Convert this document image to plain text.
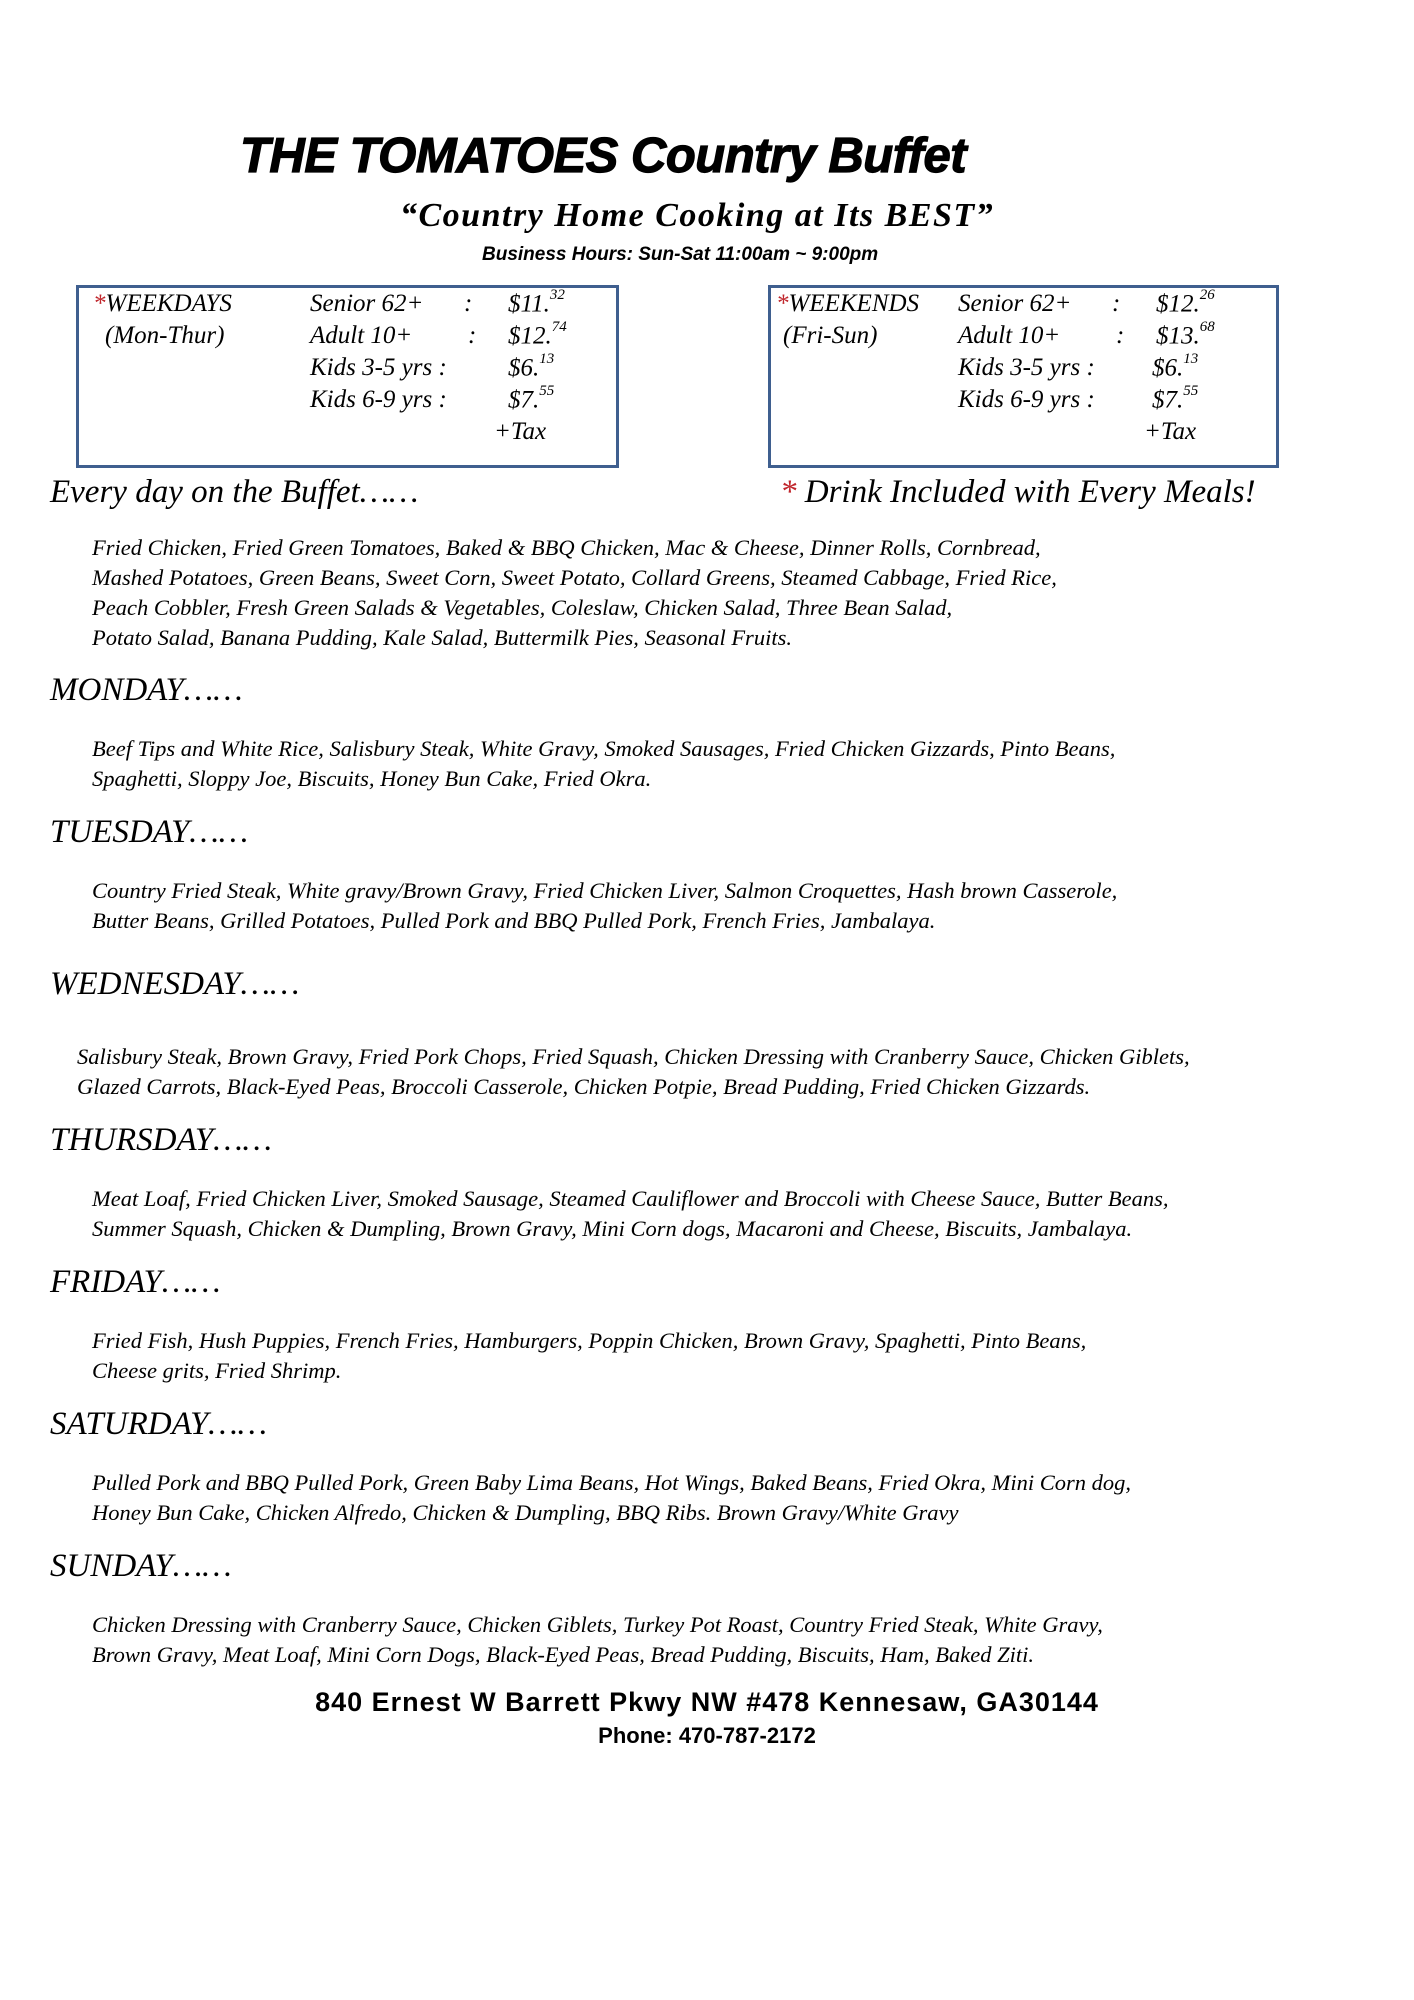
THE TOMATOES Country Buffet
“Country Home Cooking at Its BEST”
Business Hours: Sun-Sat 11:00am ~ 9:00pm
*WEEKDAYS
(Mon-Thur)
Senior 62+ : $11.32
Adult 10+ : $12.74
Kids 3-5 yrs : $6.13
Kids 6-9 yrs : $7.55
+Tax
*WEEKENDS
(Fri-Sun)
Senior 62+ : $12.26
Adult 10+ : $13.68
Kids 3-5 yrs : $6.13
Kids 6-9 yrs : $7.55
+Tax
Every day on the Buffet……	* Drink Included with Every Meals!
Fried Chicken, Fried Green Tomatoes, Baked & BBQ Chicken, Mac & Cheese, Dinner Rolls, Cornbread,
Mashed Potatoes, Green Beans, Sweet Corn, Sweet Potato, Collard Greens, Steamed Cabbage, Fried Rice,
Peach Cobbler, Fresh Green Salads & Vegetables, Coleslaw, Chicken Salad, Three Bean Salad,
Potato Salad, Banana Pudding, Kale Salad, Buttermilk Pies, Seasonal Fruits.
MONDAY……
Beef Tips and White Rice, Salisbury Steak, White Gravy, Smoked Sausages, Fried Chicken Gizzards, Pinto Beans,
Spaghetti, Sloppy Joe, Biscuits, Honey Bun Cake, Fried Okra.
TUESDAY……
Country Fried Steak, White gravy/Brown Gravy, Fried Chicken Liver, Salmon Croquettes, Hash brown Casserole,
Butter Beans, Grilled Potatoes, Pulled Pork and BBQ Pulled Pork, French Fries, Jambalaya.
WEDNESDAY……
Salisbury Steak, Brown Gravy, Fried Pork Chops, Fried Squash, Chicken Dressing with Cranberry Sauce, Chicken Giblets,
Glazed Carrots, Black-Eyed Peas, Broccoli Casserole, Chicken Potpie, Bread Pudding, Fried Chicken Gizzards.
THURSDAY……
Meat Loaf, Fried Chicken Liver, Smoked Sausage, Steamed Cauliflower and Broccoli with Cheese Sauce, Butter Beans,
Summer Squash, Chicken & Dumpling, Brown Gravy, Mini Corn dogs, Macaroni and Cheese, Biscuits, Jambalaya.
FRIDAY……
Fried Fish, Hush Puppies, French Fries, Hamburgers, Poppin Chicken, Brown Gravy, Spaghetti, Pinto Beans,
Cheese grits, Fried Shrimp.
SATURDAY……
Pulled Pork and BBQ Pulled Pork, Green Baby Lima Beans, Hot Wings, Baked Beans, Fried Okra, Mini Corn dog,
Honey Bun Cake, Chicken Alfredo, Chicken & Dumpling, BBQ Ribs. Brown Gravy/White Gravy
SUNDAY……
Chicken Dressing with Cranberry Sauce, Chicken Giblets, Turkey Pot Roast, Country Fried Steak, White Gravy,
Brown Gravy, Meat Loaf, Mini Corn Dogs, Black-Eyed Peas, Bread Pudding, Biscuits, Ham, Baked Ziti.
840 Ernest W Barrett Pkwy NW #478 Kennesaw, GA30144
Phone: 470-787-2172
